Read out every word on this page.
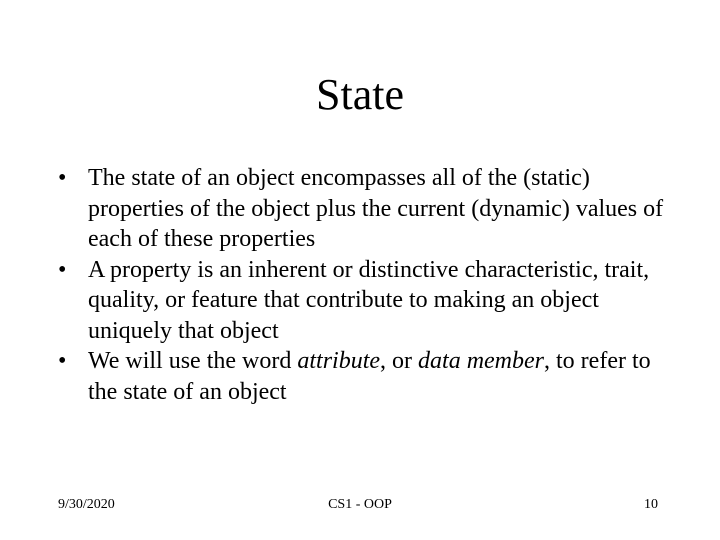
State
• The state of an object encompasses all of the (static) properties of the object plus the current (dynamic) values of each of these properties
• A property is an inherent or distinctive characteristic, trait, quality, or feature that contribute to making an object uniquely that object
• We will use the word attribute, or data member, to refer to the state of an object
9/30/2020	CS1 - OOP	10
